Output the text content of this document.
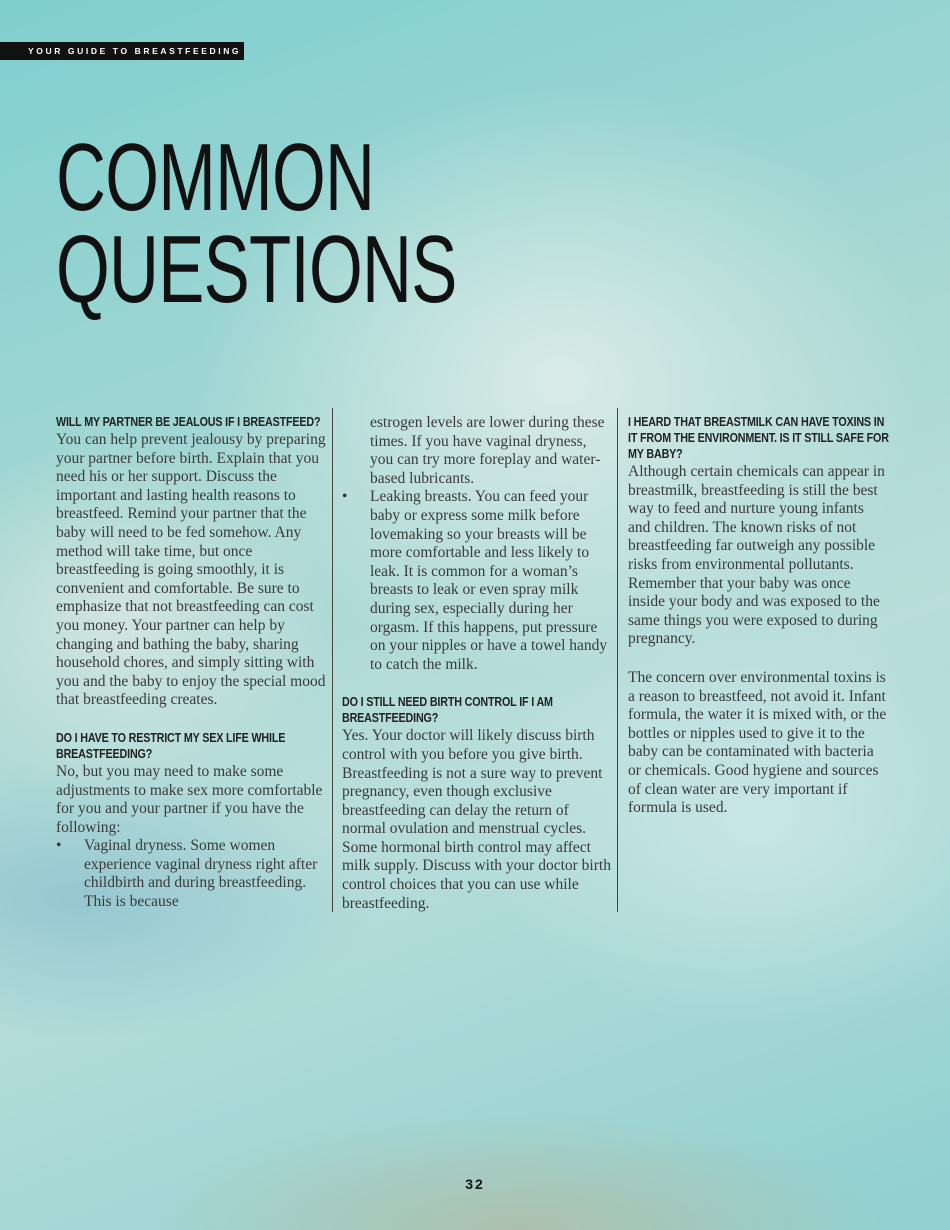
YOUR GUIDE TO BREASTFEEDING
COMMON
QUESTIONS
WILL MY PARTNER BE JEALOUS IF I BREASTFEED?

You can help prevent jealousy by preparing your partner before birth. Explain that you need his or her support. Discuss the important and lasting health reasons to breastfeed. Remind your partner that the baby will need to be fed somehow. Any method will take time, but once breastfeeding is going smoothly, it is convenient and comfortable. Be sure to emphasize that not breastfeeding can cost you money. Your partner can help by changing and bathing the baby, sharing household chores, and simply sitting with you and the baby to enjoy the special mood that breastfeeding creates.

DO I HAVE TO RESTRICT MY SEX LIFE WHILE BREASTFEEDING?

No, but you may need to make some adjustments to make sex more comfortable for you and your partner if you have the following:

• Vaginal dryness. Some women experience vaginal dryness right after childbirth and during breastfeeding. This is because
estrogen levels are lower during these times. If you have vaginal dryness, you can try more foreplay and water-based lubricants.
• Leaking breasts. You can feed your baby or express some milk before lovemaking so your breasts will be more comfortable and less likely to leak. It is common for a woman’s breasts to leak or even spray milk during sex, especially during her orgasm. If this happens, put pressure on your nipples or have a towel handy to catch the milk.
DO I STILL NEED BIRTH CONTROL IF I AM BREASTFEEDING?

Yes. Your doctor will likely discuss birth control with you before you give birth. Breastfeeding is not a sure way to prevent pregnancy, even though exclusive breastfeeding can delay the return of normal ovulation and menstrual cycles. Some hormonal birth control may affect milk supply. Discuss with your doctor birth control choices that you can use while breastfeeding.

I HEARD THAT BREASTMILK CAN HAVE TOXINS IN IT FROM THE ENVIRONMENT. IS IT STILL SAFE FOR MY BABY?

Although certain chemicals can appear in breastmilk, breastfeeding is still the best way to feed and nurture young infants and children. The known risks of not breastfeeding far outweigh any possible risks from environmental pollutants. Remember that your baby was once inside your body and was exposed to the same things you were exposed to during pregnancy.

The concern over environmental toxins is a reason to breastfeed, not avoid it. Infant formula, the water it is mixed with, or the bottles or nipples used to give it to the baby can be contaminated with bacteria or chemicals. Good hygiene and sources of clean water are very important if formula is used.

32
